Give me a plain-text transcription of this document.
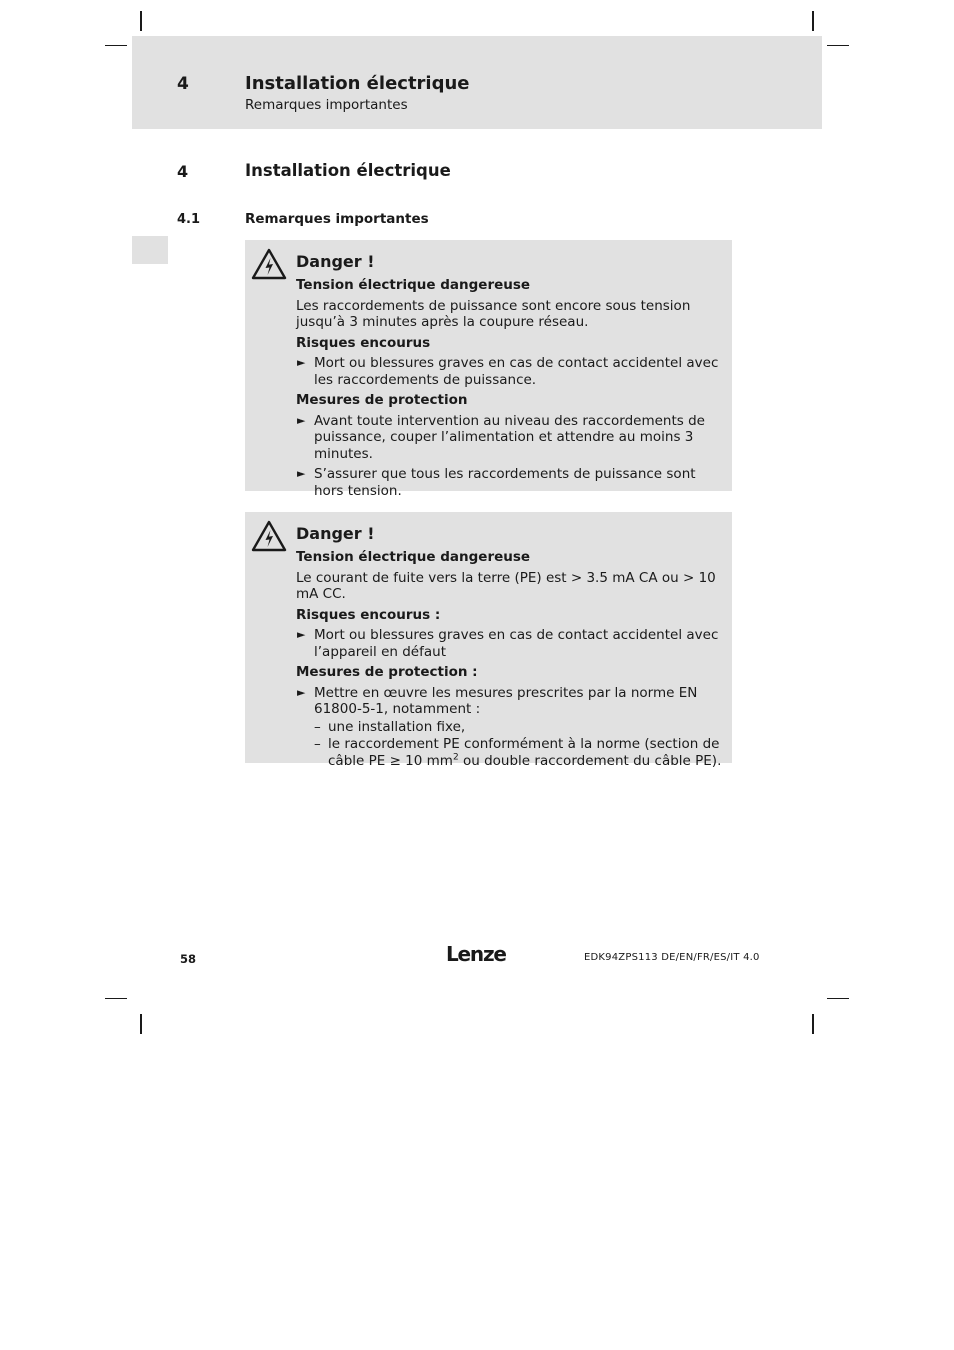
4	Installation électrique
Remarques importantes
4	Installation électrique
4.1	Remarques importantes
Danger !
Tension électrique dangereuse
Les raccordements de puissance sont encore sous tension jusqu’à 3 minutes après la coupure réseau.
Risques encourus
► Mort ou blessures graves en cas de contact accidentel avec les raccordements de puissance.
Mesures de protection
► Avant toute intervention au niveau des raccordements de puissance, couper l’alimentation et attendre au moins 3 minutes.
► S’assurer que tous les raccordements de puissance sont hors tension.
Danger !
Tension électrique dangereuse
Le courant de fuite vers la terre (PE) est > 3.5 mA CA ou > 10 mA CC.
Risques encourus :
► Mort ou blessures graves en cas de contact accidentel avec l’appareil en défaut
Mesures de protection :
► Mettre en œuvre les mesures prescrites par la norme EN 61800-5-1, notamment :
– une installation fixe,
– le raccordement PE conformément à la norme (section de câble PE ≥ 10 $mm^2$ ou double raccordement du câble PE).
58	Lenze	EDK94ZPS113 DE/EN/FR/ES/IT 4.0
